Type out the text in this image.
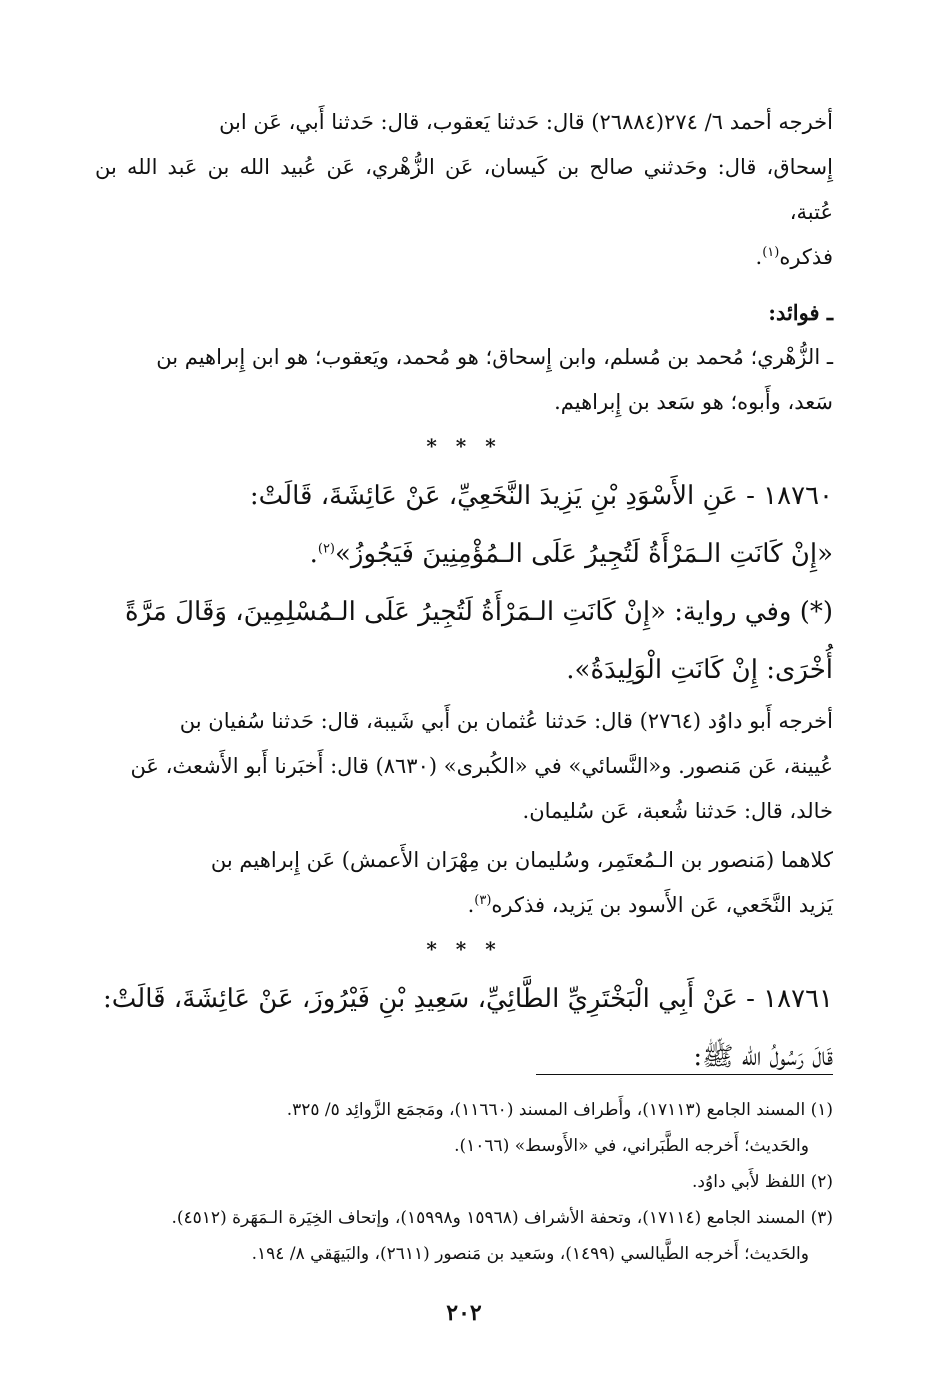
أخرجه أحمد ٦/ ٢٧٤(٢٦٨٨٤) قال: حَدثنا يَعقوب، قال: حَدثنا أَبي، عَن ابن
إِسحاق، قال: وحَدثني صالح بن كَيسان، عَن الزُّهْري، عَن عُبيد الله بن عَبد الله بن عُتبة،
فذكره$^{(١)}$.

ـ فوائد:

ـ الزُّهْري؛ مُحمد بن مُسلم، وابن إِسحاق؛ هو مُحمد، ويَعقوب؛ هو ابن إِبراهيم بن
سَعد، وأَبوه؛ هو سَعد بن إِبراهيم.

* * *

١٨٧٦٠ - عَنِ الأَسْوَدِ بْنِ يَزِيدَ النَّخَعِيِّ، عَنْ عَائِشَةَ، قَالَتْ:
«إِنْ كَانَتِ الـمَرْأَةُ لَتُجِيرُ عَلَى الـمُؤْمِنِينَ فَيَجُوزُ»$^{(٢)}$.
(*) وفي رواية: «إِنْ كَانَتِ الـمَرْأَةُ لَتُجِيرُ عَلَى الـمُسْلِمِينَ، وَقَالَ مَرَّةً
أُخْرَى: إِنْ كَانَتِ الْوَلِيدَةُ».

أخرجه أَبو داوُد (٢٧٦٤) قال: حَدثنا عُثمان بن أَبي شَيبة، قال: حَدثنا سُفيان بن
عُيينة، عَن مَنصور. و«النَّسائي» في «الكُبرى» (٨٦٣٠) قال: أَخبَرنا أَبو الأَشعث، عَن
خالد، قال: حَدثنا شُعبة، عَن سُليمان.

كلاهما (مَنصور بن الـمُعتَمِر، وسُليمان بن مِهْرَان الأَعمش) عَن إِبراهيم بن
يَزيد النَّخَعي، عَن الأَسود بن يَزيد، فذكره$^{(٣)}$.

* * *

١٨٧٦١ - عَنْ أَبِي الْبَخْتَرِيِّ الطَّائِيِّ، سَعِيدِ بْنِ فَيْرُوزَ، عَنْ عَائِشَةَ، قَالَتْ:
قَالَ رَسُولُ الله ﷺ:

(١) المسند الجامع (١٧١١٣)، وأَطراف المسند (١١٦٦٠)، ومَجمَع الزَّوائِد ٥/ ٣٢٥.
والحَديث؛ أَخرجه الطَّبَراني، في «الأَوسط» (١٠٦٦).
(٢) اللفظ لأَبي داوُد.
(٣) المسند الجامع (١٧١١٤)، وتحفة الأشراف (١٥٩٦٨ و١٥٩٩٨)، وإتحاف الخِيَرة الـمَهَرة (٤٥١٢).
والحَديث؛ أَخرجه الطَّيالسي (١٤٩٩)، وسَعيد بن مَنصور (٢٦١١)، والبَيهَقي ٨/ ١٩٤.
٢٠٢
